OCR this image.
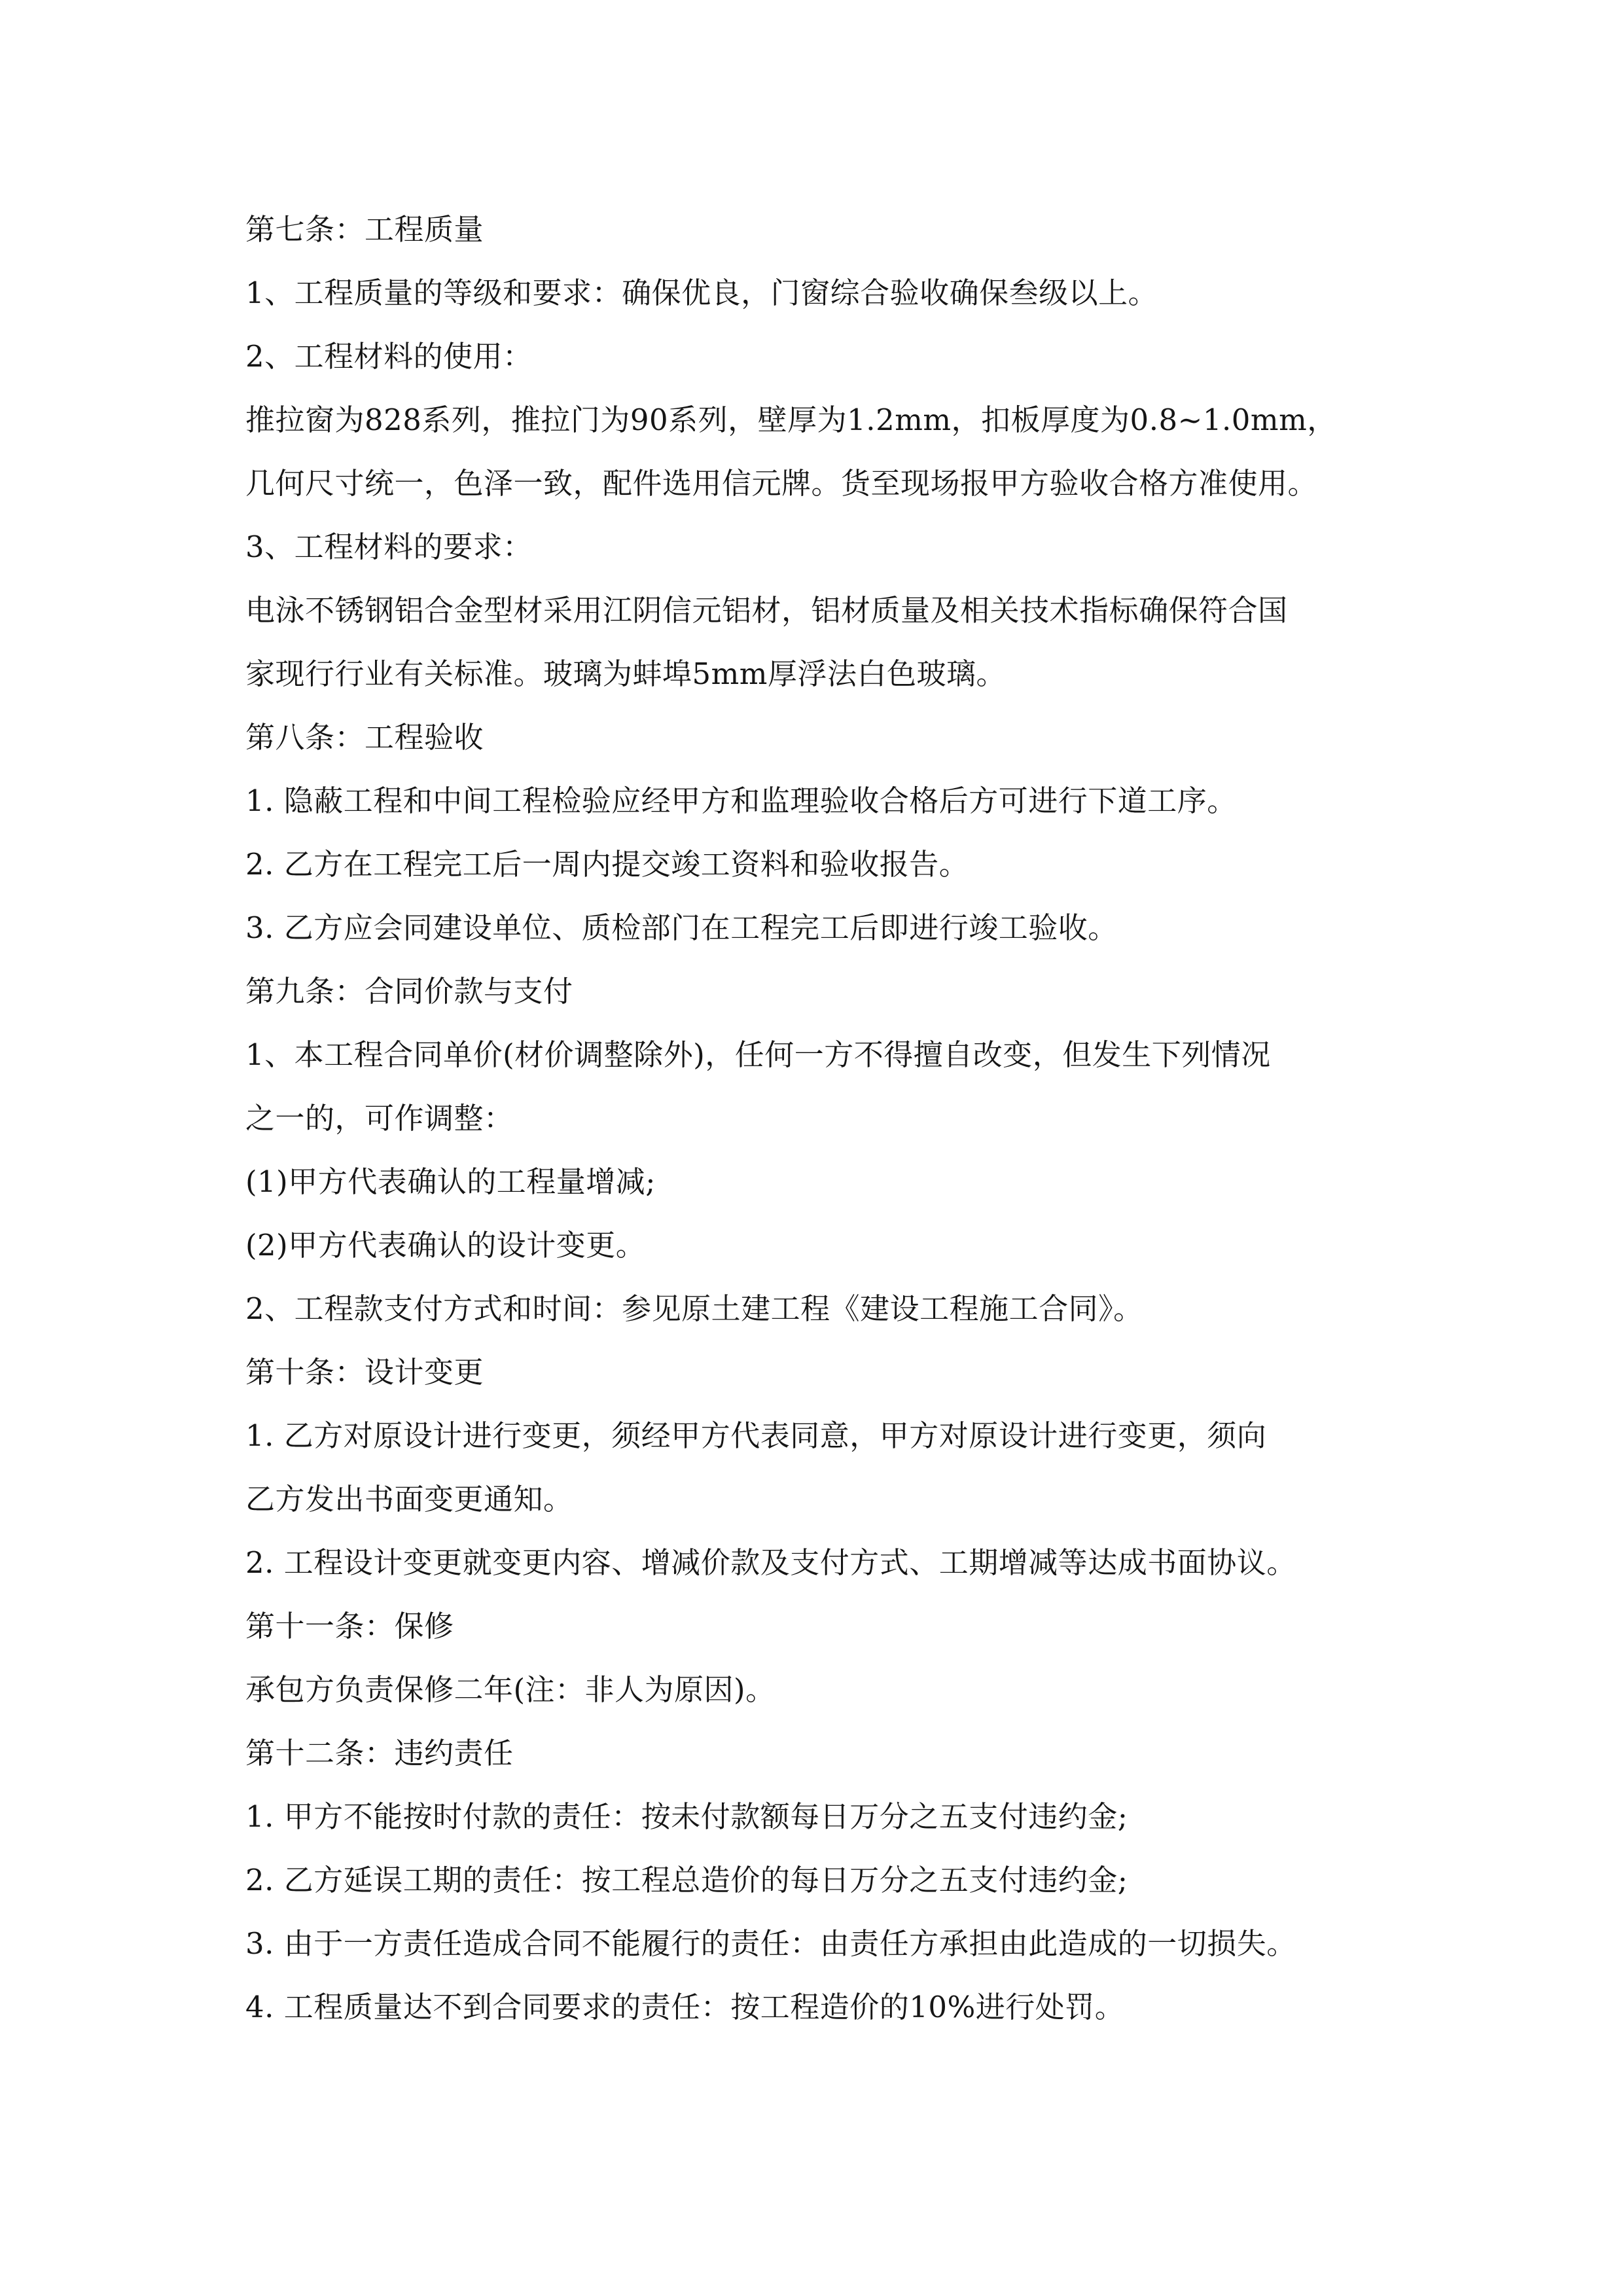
第七条：工程质量
1、工程质量的等级和要求：确保优良，门窗综合验收确保叁级以上。
2、工程材料的使用：
推拉窗为828系列，推拉门为90系列，壁厚为1.2mm，扣板厚度为0.8~1.0mm，
几何尺寸统一，色泽一致，配件选用信元牌。货至现场报甲方验收合格方准使用。
3、工程材料的要求：
电泳不锈钢铝合金型材采用江阴信元铝材，铝材质量及相关技术指标确保符合国
家现行行业有关标准。玻璃为蚌埠5mm厚浮法白色玻璃。
第八条：工程验收
1. 隐蔽工程和中间工程检验应经甲方和监理验收合格后方可进行下道工序。
2. 乙方在工程完工后一周内提交竣工资料和验收报告。
3. 乙方应会同建设单位、质检部门在工程完工后即进行竣工验收。
第九条：合同价款与支付
1、本工程合同单价(材价调整除外)，任何一方不得擅自改变，但发生下列情况
之一的，可作调整：
(1)甲方代表确认的工程量增减;
(2)甲方代表确认的设计变更。
2、工程款支付方式和时间：参见原土建工程《建设工程施工合同》。
第十条：设计变更
1. 乙方对原设计进行变更，须经甲方代表同意，甲方对原设计进行变更，须向
乙方发出书面变更通知。
2. 工程设计变更就变更内容、增减价款及支付方式、工期增减等达成书面协议。
第十一条：保修
承包方负责保修二年(注：非人为原因)。
第十二条：违约责任
1. 甲方不能按时付款的责任：按未付款额每日万分之五支付违约金;
2. 乙方延误工期的责任：按工程总造价的每日万分之五支付违约金;
3. 由于一方责任造成合同不能履行的责任：由责任方承担由此造成的一切损失。
4. 工程质量达不到合同要求的责任：按工程造价的10%进行处罚。
